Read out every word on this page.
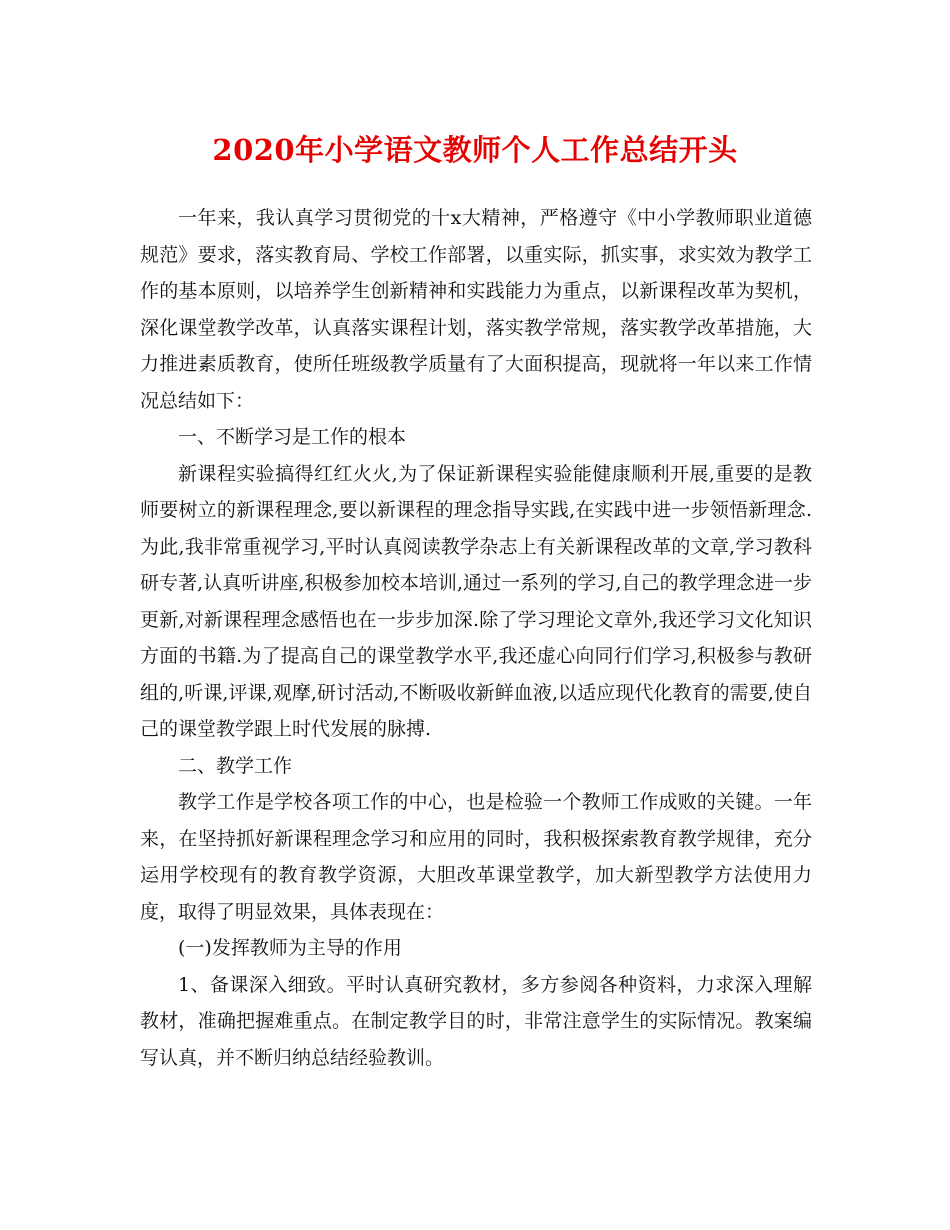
2020年小学语文教师个人工作总结开头

一年来，我认真学习贯彻党的十x大精神，严格遵守《中小学教师职业道德规范》要求，落实教育局、学校工作部署，以重实际，抓实事，求实效为教学工作的基本原则，以培养学生创新精神和实践能力为重点，以新课程改革为契机，深化课堂教学改革，认真落实课程计划，落实教学常规，落实教学改革措施，大力推进素质教育，使所任班级教学质量有了大面积提高，现就将一年以来工作情况总结如下：

一、不断学习是工作的根本

新课程实验搞得红红火火,为了保证新课程实验能健康顺利开展,重要的是教师要树立的新课程理念,要以新课程的理念指导实践,在实践中进一步领悟新理念.为此,我非常重视学习,平时认真阅读教学杂志上有关新课程改革的文章,学习教科研专著,认真听讲座,积极参加校本培训,通过一系列的学习,自己的教学理念进一步更新,对新课程理念感悟也在一步步加深.除了学习理论文章外,我还学习文化知识方面的书籍.为了提高自己的课堂教学水平,我还虚心向同行们学习,积极参与教研组的,听课,评课,观摩,研讨活动,不断吸收新鲜血液,以适应现代化教育的需要,使自己的课堂教学跟上时代发展的脉搏.

二、教学工作

教学工作是学校各项工作的中心，也是检验一个教师工作成败的关键。一年来，在坚持抓好新课程理念学习和应用的同时，我积极探索教育教学规律，充分运用学校现有的教育教学资源，大胆改革课堂教学，加大新型教学方法使用力度，取得了明显效果，具体表现在：

(一)发挥教师为主导的作用

1、备课深入细致。平时认真研究教材，多方参阅各种资料，力求深入理解教材，准确把握难重点。在制定教学目的时，非常注意学生的实际情况。教案编写认真，并不断归纳总结经验教训。
